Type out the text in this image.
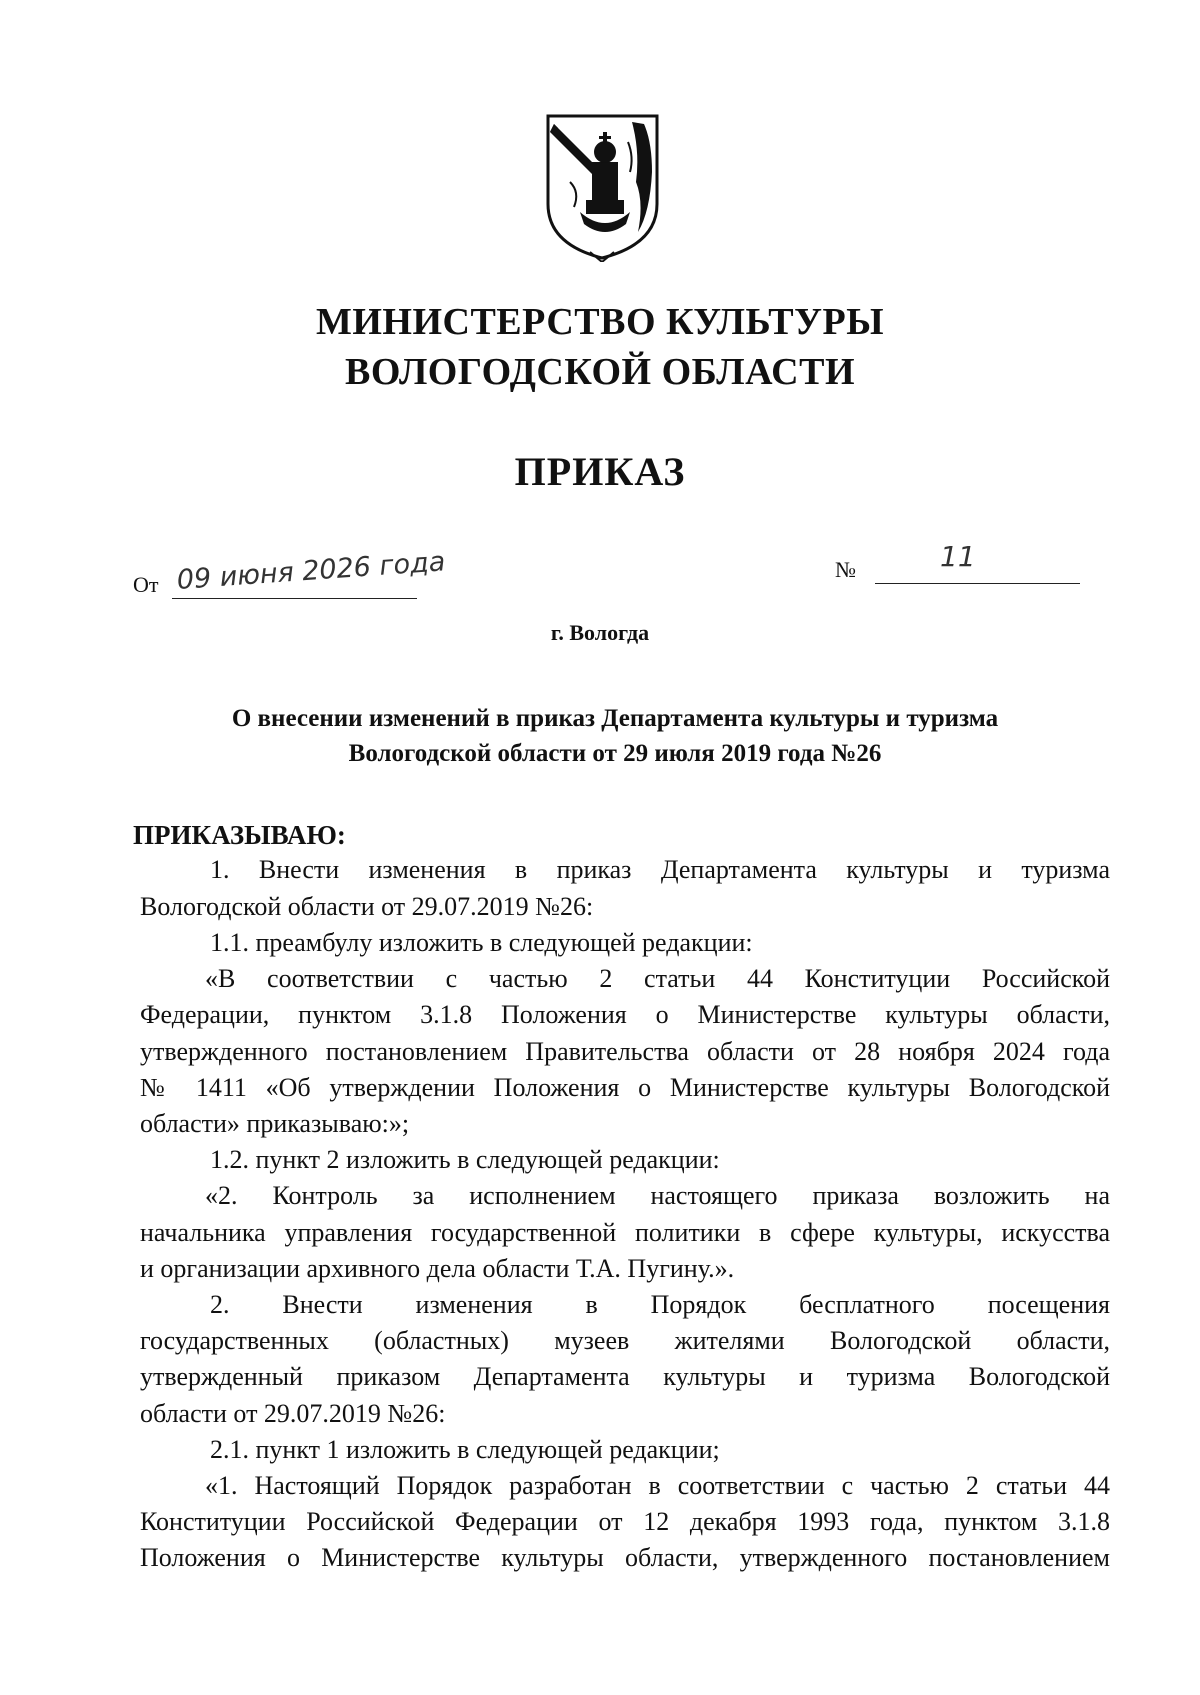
МИНИСТЕРСТВО КУЛЬТУРЫ
ВОЛОГОДСКОЙ ОБЛАСТИ
ПРИКАЗ
От 09 июня 2026 года	№	11
г. Вологда
О внесении изменений в приказ Департамента культуры и туризма
Вологодской области от 29 июля 2019 года №26
ПРИКАЗЫВАЮ:
1. Внести изменения в приказ Департамента культуры и туризма
Вологодской области от 29.07.2019 №26:
1.1. преамбулу изложить в следующей редакции:
«В соответствии с частью 2 статьи 44 Конституции Российской
Федерации, пунктом 3.1.8 Положения о Министерстве культуры области,
утвержденного постановлением Правительства области от 28 ноября 2024 года
№ 1411 «Об утверждении Положения о Министерстве культуры Вологодской
области» приказываю:»;
1.2. пункт 2 изложить в следующей редакции:
«2. Контроль за исполнением настоящего приказа возложить на
начальника управления государственной политики в сфере культуры, искусства
и организации архивного дела области Т.А. Пугину.».
2. Внести изменения в Порядок бесплатного посещения
государственных (областных) музеев жителями Вологодской области,
утвержденный приказом Департамента культуры и туризма Вологодской
области от 29.07.2019 №26:
2.1. пункт 1 изложить в следующей редакции;
«1. Настоящий Порядок разработан в соответствии с частью 2 статьи 44
Конституции Российской Федерации от 12 декабря 1993 года, пунктом 3.1.8
Положения о Министерстве культуры области, утвержденного постановлением
